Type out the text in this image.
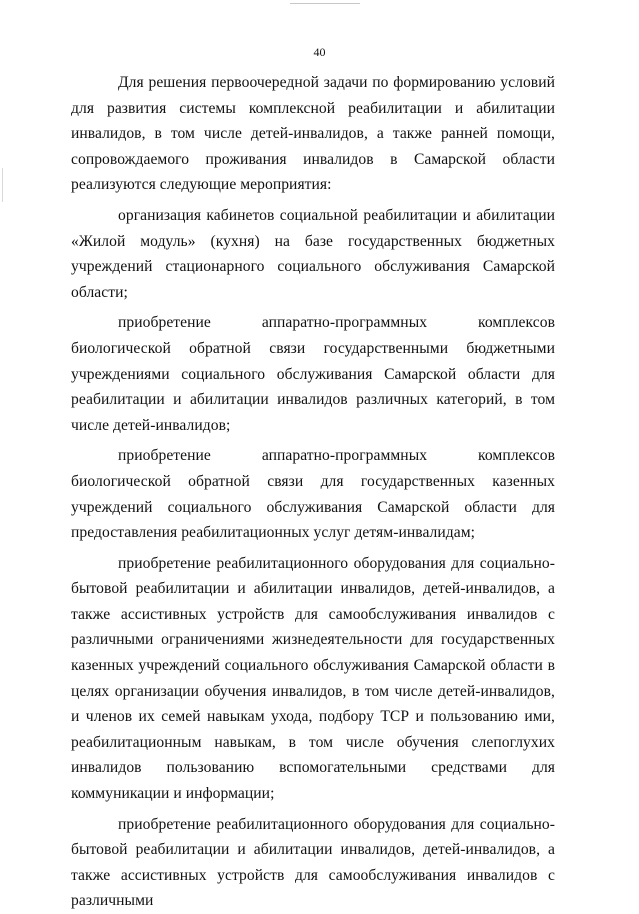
40

Для решения первоочередной задачи по формированию условий для развития системы комплексной реабилитации и абилитации инвалидов, в том числе детей-инвалидов, а также ранней помощи, сопровождаемого проживания инвалидов в Самарской области реализуются следующие мероприятия:

организация кабинетов социальной реабилитации и абилитации «Жилой модуль» (кухня) на базе государственных бюджетных учреждений стационарного социального обслуживания Самарской области;

приобретение аппаратно-программных комплексов биологической обратной связи государственными бюджетными учреждениями социального обслуживания Самарской области для реабилитации и абилитации инвалидов различных категорий, в том числе детей-инвалидов;

приобретение аппаратно-программных комплексов биологической обратной связи для государственных казенных учреждений социального обслуживания Самарской области для предоставления реабилитационных услуг детям-инвалидам;

приобретение реабилитационного оборудования для социально-бытовой реабилитации и абилитации инвалидов, детей-инвалидов, а также ассистивных устройств для самообслуживания инвалидов с различными ограничениями жизнедеятельности для государственных казенных учреждений социального обслуживания Самарской области в целях организации обучения инвалидов, в том числе детей-инвалидов, и членов их семей навыкам ухода, подбору ТСР и пользованию ими, реабилитационным навыкам, в том числе обучения слепоглухих инвалидов пользованию вспомогательными средствами для коммуникации и информации;

приобретение реабилитационного оборудования для социально-бытовой реабилитации и абилитации инвалидов, детей-инвалидов, а также ассистивных устройств для самообслуживания инвалидов с различными
